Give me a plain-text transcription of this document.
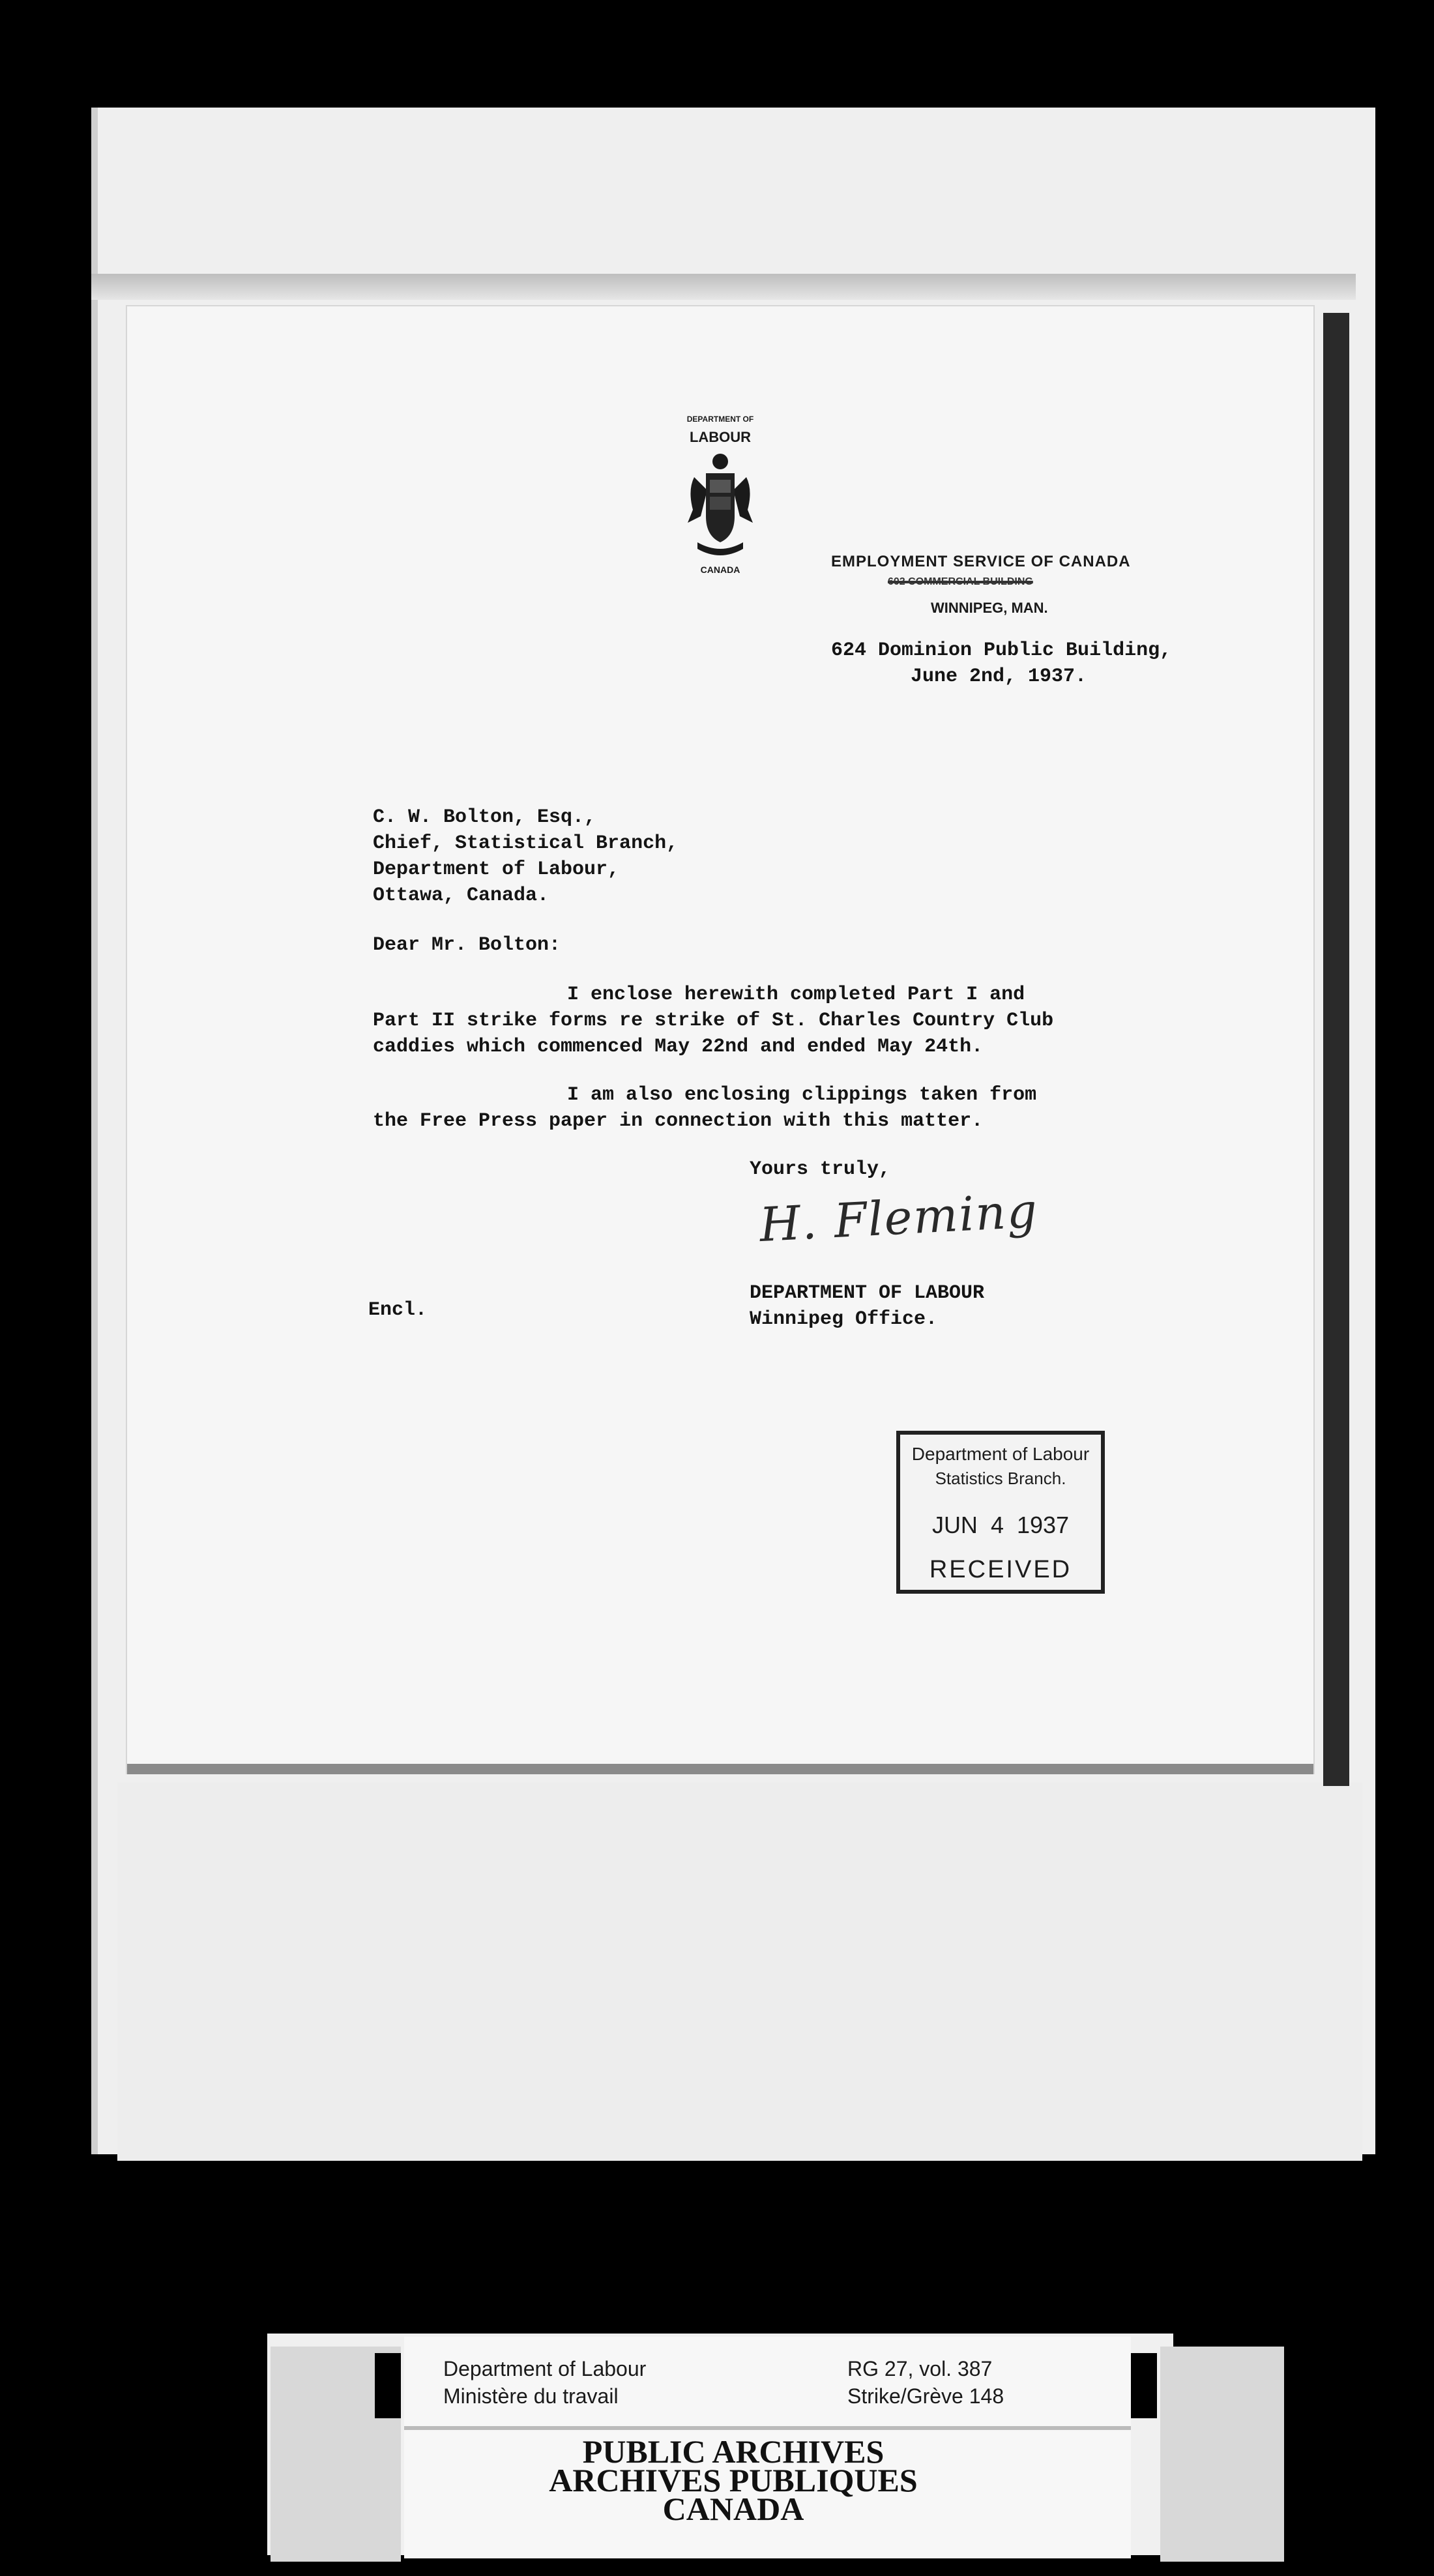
DEPARTMENT OF
LABOUR
CANADA	EMPLOYMENT SERVICE OF CANADA
602 COMMERCIAL BUILDING
WINNIPEG, MAN.
624 Dominion Public Building,
June 2nd, 1937.
C. W. Bolton, Esq.,
Chief, Statistical Branch,
Department of Labour,
Ottawa, Canada.
Dear Mr. Bolton:
I enclose herewith completed Part I and
Part II strike forms re strike of St. Charles Country Club
caddies which commenced May 22nd and ended May 24th.
I am also enclosing clippings taken from
the Free Press paper in connection with this matter.
Yours truly,
H. Fleming
DEPARTMENT OF LABOUR
Winnipeg Office.
Encl.
Department of Labour
Statistics Branch.
JUN  4  1937
RECEIVED
Department of Labour
Ministère du travail
RG 27, vol. 387
Strike/Grève 148
PUBLIC ARCHIVES
ARCHIVES PUBLIQUES
CANADA
